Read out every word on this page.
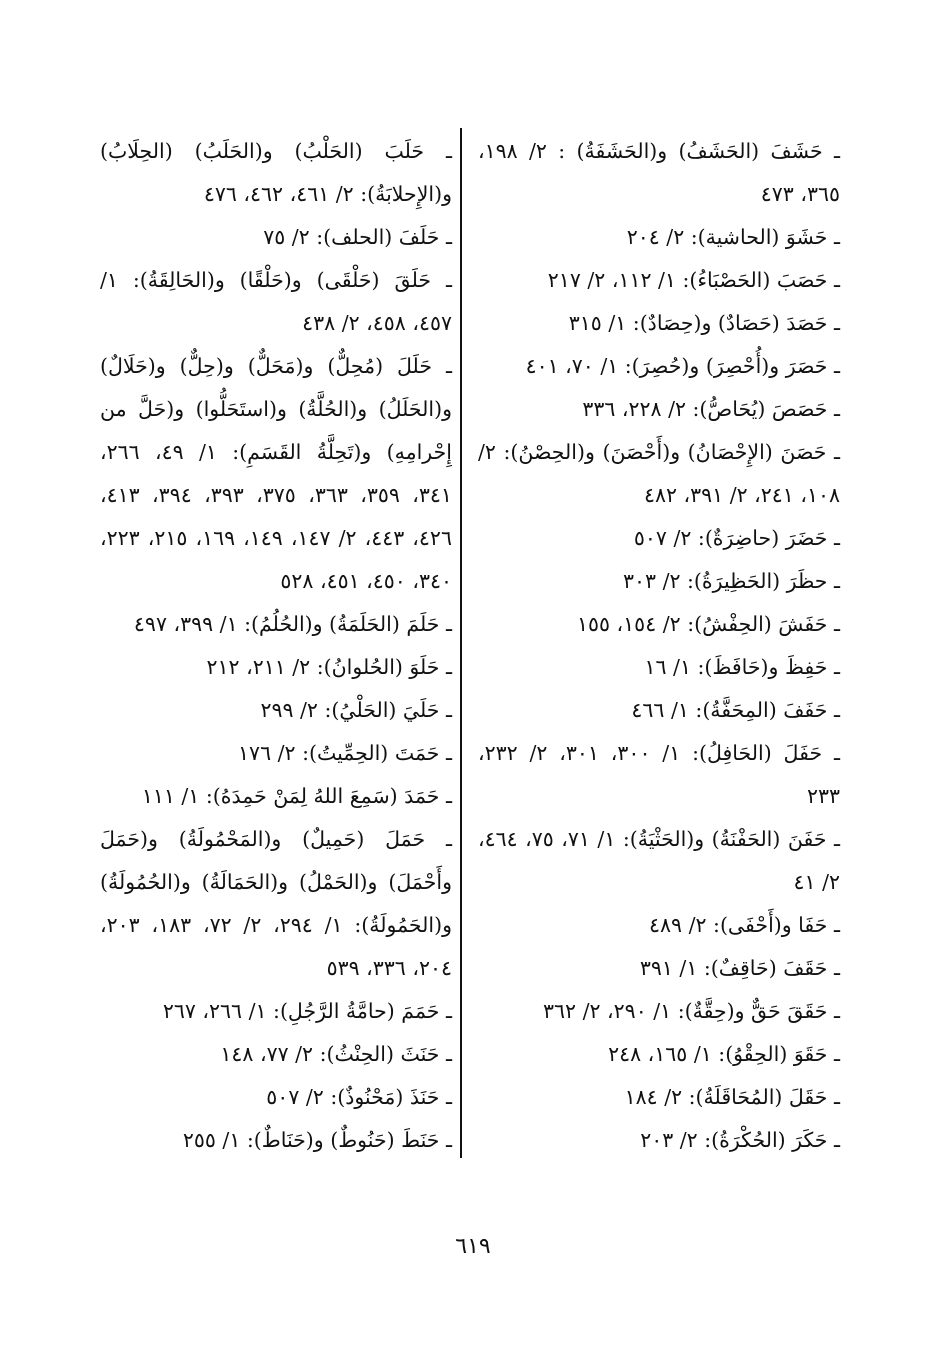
ـ حَشَفَ (الحَشَفُ) و(الحَشَفَةُ) : ٢/ ١٩٨، ٣٦٥، ٤٧٣

ـ حَشَوَ (الحاشية): ٢/ ٢٠٤

ـ حَصَبَ (الحَصْبَاءُ): ١/ ١١٢، ٢/ ٢١٧

ـ حَصَدَ (حَصَادٌ) و(حِصَادٌ): ١/ ٣١٥

ـ حَصَرَ و(أُحْصِرَ) و(حُصِرَ): ١/ ٧٠، ٤٠١

ـ حَصَصَ (يُحَاصُّ): ٢/ ٢٢٨، ٣٣٦

ـ حَصَنَ (الإِحْصَانُ) و(أَحْصَنَ) و(الحِصْنُ): ٢/ ١٠٨، ٢٤١، ٢/ ٣٩١، ٤٨٢

ـ حَضَرَ (حاضِرَةٌ): ٢/ ٥٠٧

ـ حظَرَ (الحَظِيرَةُ): ٢/ ٣٠٣

ـ حَفَشَ (الحِفْشُ): ٢/ ١٥٤، ١٥٥

ـ حَفِظَ و(حَافَظَ): ١/ ١٦

ـ حَفَفَ (المِحَفَّةُ): ١/ ٤٦٦

ـ حَفَلَ (الحَافِلُ): ١/ ٣٠٠، ٣٠١، ٢/ ٢٣٢، ٢٣٣

ـ حَفَنَ (الحَفْنَةُ) و(الحَثْيَةُ): ١/ ٧١، ٧٥، ٤٦٤، ٢/ ٤١

ـ حَفَا و(أَحْفَى): ٢/ ٤٨٩

ـ حَقَفَ (حَاقِفٌ): ١/ ٣٩١

ـ حَقَقَ حَقٌّ و(حِقَّةٌ): ١/ ٢٩٠، ٢/ ٣٦٢

ـ حَقَوَ (الحِقْوُ): ١/ ١٦٥، ٢٤٨

ـ حَقَلَ (المُحَاقَلَةُ): ٢/ ١٨٤

ـ حَكَرَ (الحُكْرَةُ): ٢/ ٢٠٣

ـ حَلَبَ (الحَلْبُ) و(الحَلَبُ) (الحِلَابُ) و(الإِحلابَةُ): ٢/ ٤٦١، ٤٦٢، ٤٧٦

ـ حَلَفَ (الحلف): ٢/ ٧٥

ـ حَلَقَ (حَلْقَى) و(حَلْقًا) و(الحَالِقَةُ): ١/ ٤٥٧، ٤٥٨، ٢/ ٤٣٨

ـ حَلَلَ (مُحِلٌّ) و(مَحَلٌّ) و(حِلٌّ) و(حَلَالٌ) و(الحَلَلُ) و(الحُلَّةُ) و(استَحَلُّوا) و(حَلَّ من إِحْرامِهِ) و(تَحِلَّةُ القَسَمِ): ١/ ٤٩، ٢٦٦، ٣٤١، ٣٥٩، ٣٦٣، ٣٧٥، ٣٩٣، ٣٩٤، ٤١٣، ٤٢٦، ٤٤٣، ٢/ ١٤٧، ١٤٩، ١٦٩، ٢١٥، ٢٢٣، ٣٤٠، ٤٥٠، ٤٥١، ٥٢٨

ـ حَلَمَ (الحَلَمَةُ) و(الحُلُمُ): ١/ ٣٩٩، ٤٩٧

ـ حَلَوَ (الحُلوانُ): ٢/ ٢١١، ٢١٢

ـ حَلَيَ (الحَلْيُ): ٢/ ٢٩٩

ـ حَمَتَ (الحِمِّيتُ): ٢/ ١٧٦

ـ حَمَدَ (سَمِعَ اللهُ لِمَنْ حَمِدَهُ): ١/ ١١١

ـ حَمَلَ (حَمِيلٌ) و(المَحْمُولَةُ) و(حَمَلَ وأَحْمَلَ) و(الحَمْلُ) و(الحَمَالَةُ) و(الحُمُولَةُ) و(الحَمُولَةُ): ١/ ٢٩٤، ٢/ ٧٢، ١٨٣، ٢٠٣، ٢٠٤، ٣٣٦، ٥٣٩

ـ حَمَمَ (حامَّةُ الرَّجُلِ): ١/ ٢٦٦، ٢٦٧

ـ حَنَثَ (الحِنْثُ): ٢/ ٧٧، ١٤٨

ـ حَنَذَ (مَحْنُوذٌ): ٢/ ٥٠٧

ـ حَنَطَ (حَنُوطٌ) و(حَنَاطٌ): ١/ ٢٥٥

٦١٩
